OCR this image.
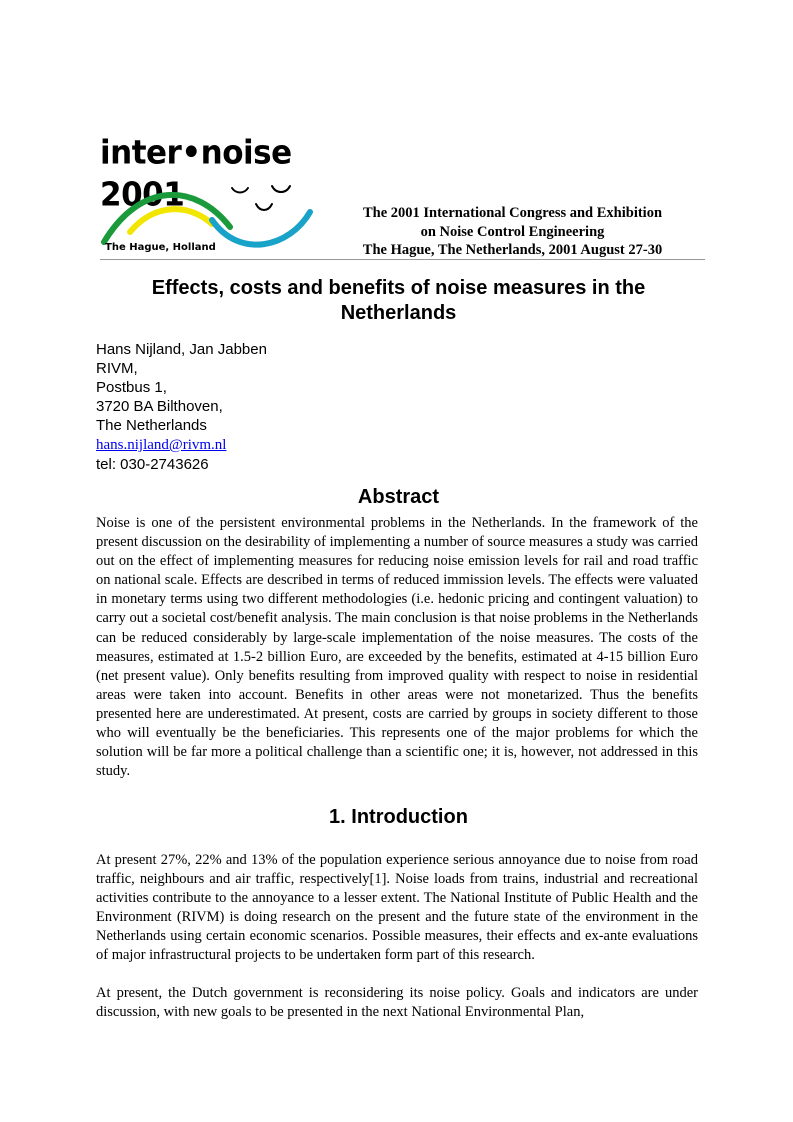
inter•noise 2001
The Hague, Holland
The 2001 International Congress and Exhibition
on Noise Control Engineering
The Hague, The Netherlands, 2001 August 27-30
Effects, costs and benefits of noise measures in the Netherlands
Hans Nijland, Jan Jabben
RIVM,
Postbus 1,
3720 BA Bilthoven,
The Netherlands
hans.nijland@rivm.nl
tel: 030-2743626
Abstract

Noise is one of the persistent environmental problems in the Netherlands. In the framework of the present discussion on the desirability of implementing a number of source measures a study was carried out on the effect of implementing measures for reducing noise emission levels for rail and road traffic on national scale. Effects are described in terms of reduced immission levels. The effects were valuated in monetary terms using two different methodologies (i.e. hedonic pricing and contingent valuation) to carry out a societal cost/benefit analysis. The main conclusion is that noise problems in the Netherlands can be reduced considerably by large-scale implementation of the noise measures. The costs of the measures, estimated at 1.5-2 billion Euro, are exceeded by the benefits, estimated at 4-15 billion Euro (net present value). Only benefits resulting from improved quality with respect to noise in residential areas were taken into account. Benefits in other areas were not monetarized. Thus the benefits presented here are underestimated. At present, costs are carried by groups in society different to those who will eventually be the beneficiaries. This represents one of the major problems for which the solution will be far more a political challenge than a scientific one; it is, however, not addressed in this study.

1. Introduction

At present 27%, 22% and 13% of the population experience serious annoyance due to noise from road traffic, neighbours and air traffic, respectively[1]. Noise loads from trains, industrial and recreational activities contribute to the annoyance to a lesser extent. The National Institute of Public Health and the Environment (RIVM) is doing research on the present and the future state of the environment in the Netherlands using certain economic scenarios. Possible measures, their effects and ex-ante evaluations of major infrastructural projects to be undertaken form part of this research.

At present, the Dutch government is reconsidering its noise policy. Goals and indicators are under discussion, with new goals to be presented in the next National Environmental Plan,
